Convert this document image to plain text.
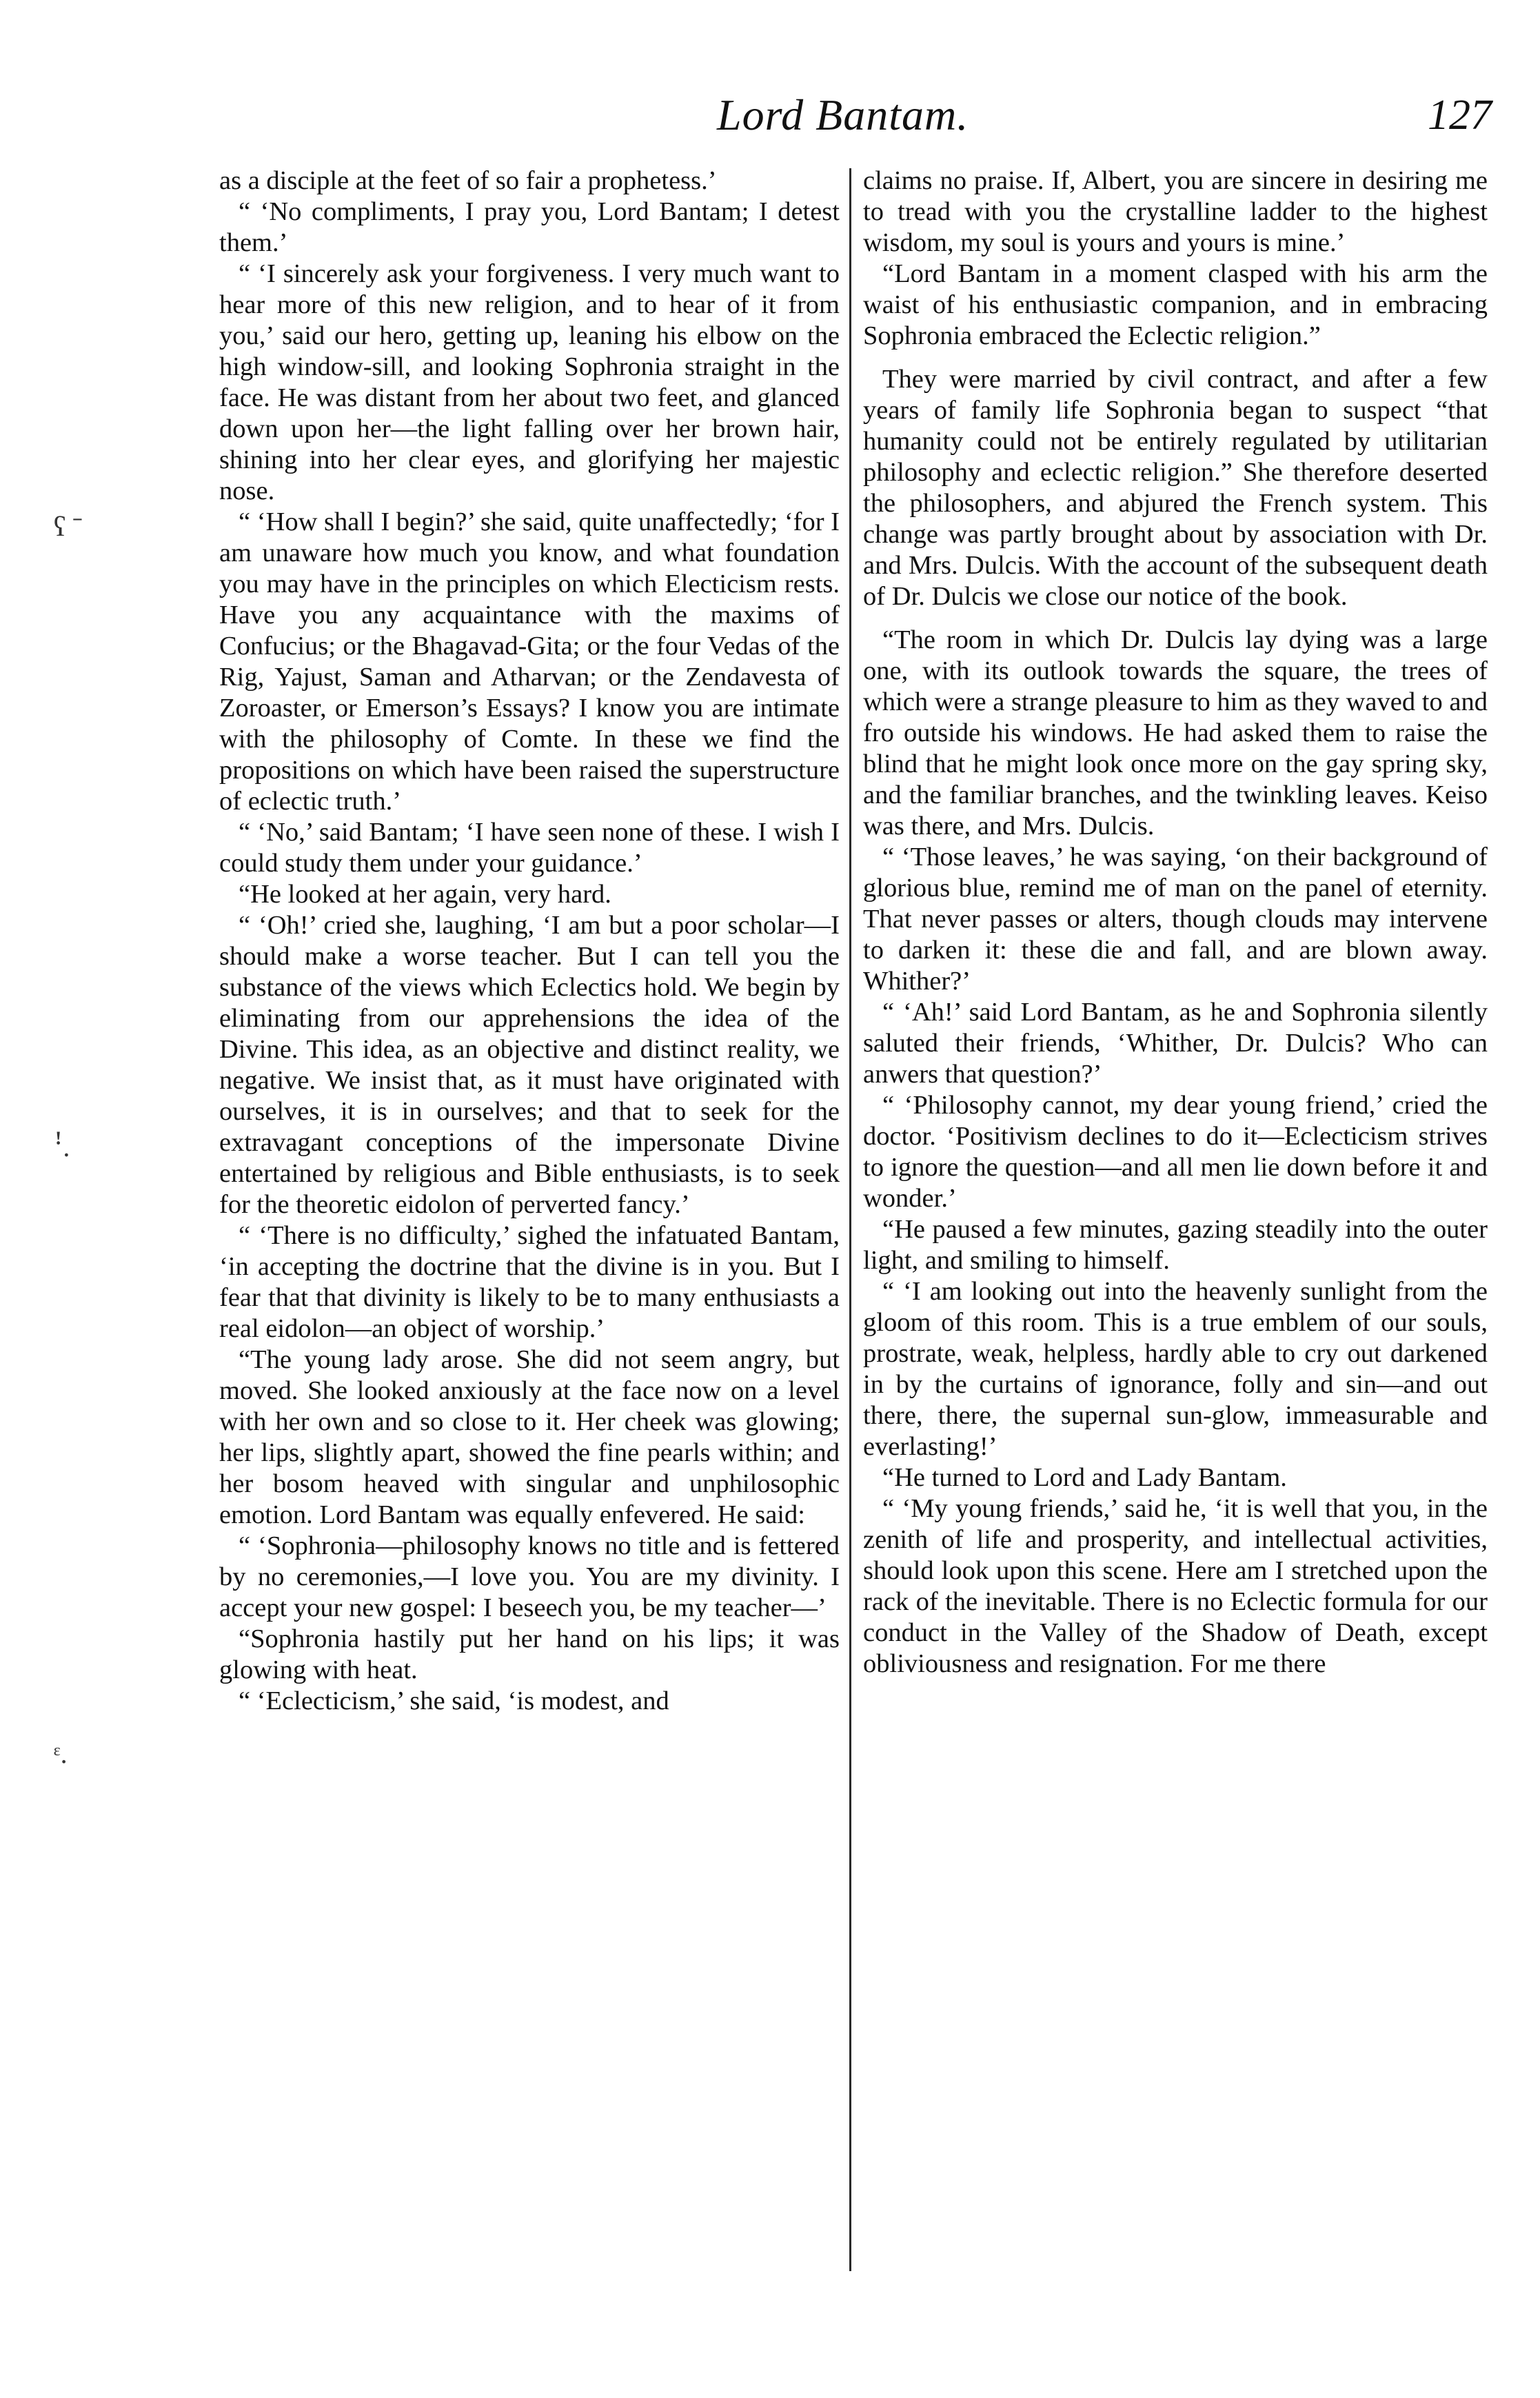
Lord Bantam.	127
ʕ ˉ
ꜝ.
ᵋ.

as a disciple at the feet of so fair a prophetess.’

“ ‘No compliments, I pray you, Lord Bantam; I detest them.’

“ ‘I sincerely ask your forgiveness. I very much want to hear more of this new religion, and to hear of it from you,’ said our hero, getting up, leaning his elbow on the high window-sill, and looking Sophronia straight in the face. He was distant from her about two feet, and glanced down upon her—the light falling over her brown hair, shining into her clear eyes, and glorifying her majestic nose.

“ ‘How shall I begin?’ she said, quite unaffectedly; ‘for I am unaware how much you know, and what foundation you may have in the principles on which Electicism rests. Have you any acquaintance with the maxims of Confucius; or the Bhagavad-Gita; or the four Vedas of the Rig, Yajust, Saman and Atharvan; or the Zendavesta of Zoroaster, or Emerson’s Essays? I know you are intimate with the philosophy of Comte. In these we find the propositions on which have been raised the superstructure of eclectic truth.’

“ ‘No,’ said Bantam; ‘I have seen none of these. I wish I could study them under your guidance.’

“He looked at her again, very hard.

“ ‘Oh!’ cried she, laughing, ‘I am but a poor scholar—I should make a worse teacher. But I can tell you the substance of the views which Eclectics hold. We begin by eliminating from our apprehensions the idea of the Divine. This idea, as an objective and distinct reality, we negative. We insist that, as it must have originated with ourselves, it is in ourselves; and that to seek for the extravagant conceptions of the impersonate Divine entertained by religious and Bible enthusiasts, is to seek for the theoretic eidolon of perverted fancy.’

“ ‘There is no difficulty,’ sighed the infatuated Bantam, ‘in accepting the doctrine that the divine is in you. But I fear that that divinity is likely to be to many enthusiasts a real eidolon—an object of worship.’

“The young lady arose. She did not seem angry, but moved. She looked anxiously at the face now on a level with her own and so close to it. Her cheek was glowing; her lips, slightly apart, showed the fine pearls within; and her bosom heaved with singular and unphilosophic emotion. Lord Bantam was equally enfevered. He said:

“ ‘Sophronia—philosophy knows no title and is fettered by no ceremonies,—I love you. You are my divinity. I accept your new gospel: I beseech you, be my teacher—’

“Sophronia hastily put her hand on his lips; it was glowing with heat.

“ ‘Eclecticism,’ she said, ‘is modest, and

claims no praise. If, Albert, you are sincere in desiring me to tread with you the crystalline ladder to the highest wisdom, my soul is yours and yours is mine.’

“Lord Bantam in a moment clasped with his arm the waist of his enthusiastic companion, and in embracing Sophronia embraced the Eclectic religion.”

They were married by civil contract, and after a few years of family life Sophronia began to suspect “that humanity could not be entirely regulated by utilitarian philosophy and eclectic religion.” She therefore deserted the philosophers, and abjured the French system. This change was partly brought about by association with Dr. and Mrs. Dulcis. With the account of the subsequent death of Dr. Dulcis we close our notice of the book.

“The room in which Dr. Dulcis lay dying was a large one, with its outlook towards the square, the trees of which were a strange pleasure to him as they waved to and fro outside his windows. He had asked them to raise the blind that he might look once more on the gay spring sky, and the familiar branches, and the twinkling leaves. Keiso was there, and Mrs. Dulcis.

“ ‘Those leaves,’ he was saying, ‘on their background of glorious blue, remind me of man on the panel of eternity. That never passes or alters, though clouds may intervene to darken it: these die and fall, and are blown away. Whither?’

“ ‘Ah!’ said Lord Bantam, as he and Sophronia silently saluted their friends, ‘Whither, Dr. Dulcis? Who can anwers that question?’

“ ‘Philosophy cannot, my dear young friend,’ cried the doctor. ‘Positivism declines to do it—Eclecticism strives to ignore the question—and all men lie down before it and wonder.’

“He paused a few minutes, gazing steadily into the outer light, and smiling to himself.

“ ‘I am looking out into the heavenly sunlight from the gloom of this room. This is a true emblem of our souls, prostrate, weak, helpless, hardly able to cry out darkened in by the curtains of ignorance, folly and sin—and out there, there, the supernal sun-glow, immeasurable and everlasting!’

“He turned to Lord and Lady Bantam.

“ ‘My young friends,’ said he, ‘it is well that you, in the zenith of life and prosperity, and intellectual activities, should look upon this scene. Here am I stretched upon the rack of the inevitable. There is no Eclectic formula for our conduct in the Valley of the Shadow of Death, except obliviousness and resignation. For me there
